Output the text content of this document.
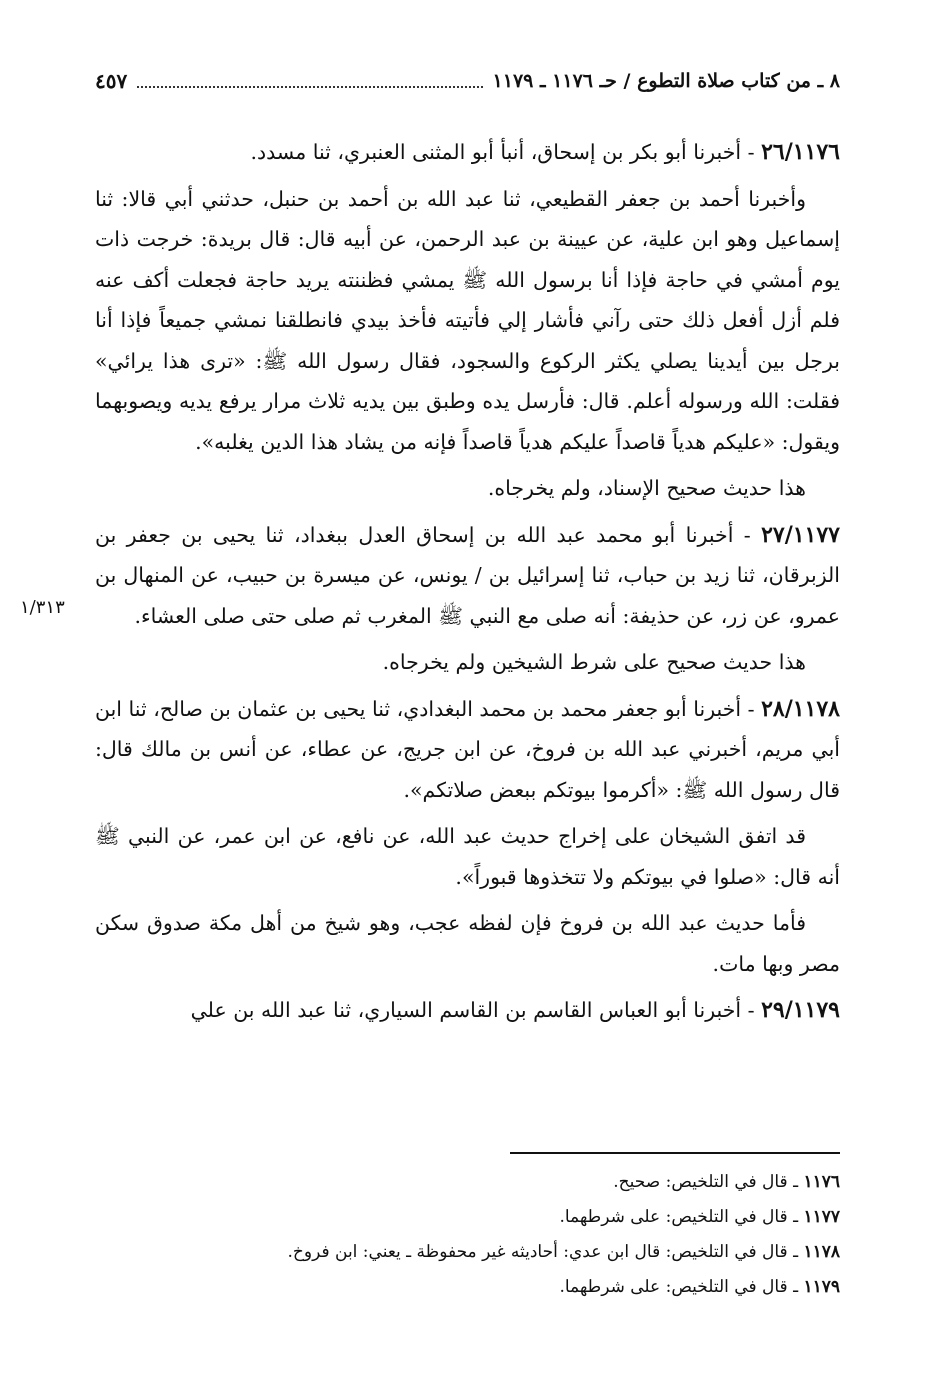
٨ ـ من كتاب صلاة التطوع / حـ ١١٧٦ ـ ١١٧٩
٤٥٧
١/٣١٣

٢٦/١١٧٦ - أخبرنا أبو بكر بن إسحاق، أنبأ أبو المثنى العنبري، ثنا مسدد.

وأخبرنا أحمد بن جعفر القطيعي، ثنا عبد الله بن أحمد بن حنبل، حدثني أبي قالا: ثنا إسماعيل وهو ابن علية، عن عيينة بن عبد الرحمن، عن أبيه قال: قال بريدة: خرجت ذات يوم أمشي في حاجة فإذا أنا برسول الله ﷺ يمشي فظننته يريد حاجة فجعلت أكف عنه فلم أزل أفعل ذلك حتى رآني فأشار إلي فأتيته فأخذ بيدي فانطلقنا نمشي جميعاً فإذا أنا برجل بين أيدينا يصلي يكثر الركوع والسجود، فقال رسول الله ﷺ: «ترى هذا يرائي» فقلت: الله ورسوله أعلم. قال: فأرسل يده وطبق بين يديه ثلاث مرار يرفع يديه ويصوبهما ويقول: «عليكم هدياً قاصداً عليكم هدياً قاصداً فإنه من يشاد هذا الدين يغلبه».

هذا حديث صحيح الإسناد، ولم يخرجاه.

٢٧/١١٧٧ - أخبرنا أبو محمد عبد الله بن إسحاق العدل ببغداد، ثنا يحيى بن جعفر بن الزبرقان، ثنا زيد بن حباب، ثنا إسرائيل بن / يونس، عن ميسرة بن حبيب، عن المنهال بن عمرو، عن زر، عن حذيفة: أنه صلى مع النبي ﷺ المغرب ثم صلى حتى صلى العشاء.

هذا حديث صحيح على شرط الشيخين ولم يخرجاه.

٢٨/١١٧٨ - أخبرنا أبو جعفر محمد بن محمد البغدادي، ثنا يحيى بن عثمان بن صالح، ثنا ابن أبي مريم، أخبرني عبد الله بن فروخ، عن ابن جريج، عن عطاء، عن أنس بن مالك قال: قال رسول الله ﷺ: «أكرموا بيوتكم ببعض صلاتكم».

قد اتفق الشيخان على إخراج حديث عبد الله، عن نافع، عن ابن عمر، عن النبي ﷺ أنه قال: «صلوا في بيوتكم ولا تتخذوها قبوراً».

فأما حديث عبد الله بن فروخ فإن لفظه عجب، وهو شيخ من أهل مكة صدوق سكن مصر وبها مات.

٢٩/١١٧٩ - أخبرنا أبو العباس القاسم بن القاسم السياري، ثنا عبد الله بن علي

١١٧٦ ـ قال في التلخيص: صحيح.

١١٧٧ ـ قال في التلخيص: على شرطهما.

١١٧٨ ـ قال في التلخيص: قال ابن عدي: أحاديثه غير محفوظة ـ يعني: ابن فروخ.

١١٧٩ ـ قال في التلخيص: على شرطهما.
